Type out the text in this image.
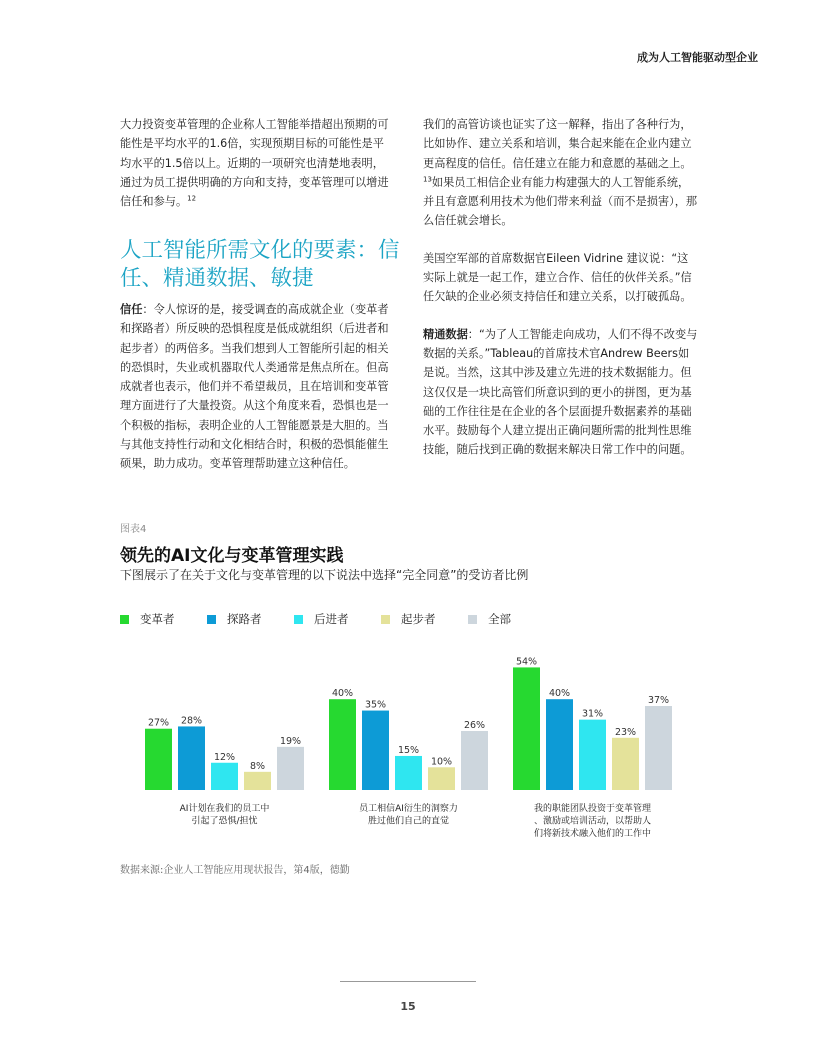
成为人工智能驱动型企业

大力投资变革管理的企业称人工智能举措超出预期的可能性是平均水平的1.6倍，实现预期目标的可能性是平均水平的1.5倍以上。近期的一项研究也清楚地表明，通过为员工提供明确的方向和支持，变革管理可以增进信任和参与。$^{12}$

人工智能所需文化的要素：信任、精通数据、敏捷

信任：令人惊讶的是，接受调查的高成就企业（变革者和探路者）所反映的恐惧程度是低成就组织（后进者和起步者）的两倍多。当我们想到人工智能所引起的相关的恐惧时，失业或机器取代人类通常是焦点所在。但高成就者也表示，他们并不希望裁员，且在培训和变革管理方面进行了大量投资。从这个角度来看，恐惧也是一个积极的指标，表明企业的人工智能愿景是大胆的。当与其他支持性行动和文化相结合时，积极的恐惧能催生硕果，助力成功。变革管理帮助建立这种信任。

我们的高管访谈也证实了这一解释，指出了各种行为，比如协作、建立关系和培训，集合起来能在企业内建立更高程度的信任。信任建立在能力和意愿的基础之上。$^{13}$如果员工相信企业有能力构建强大的人工智能系统，并且有意愿利用技术为他们带来利益（而不是损害），那么信任就会增长。

美国空军部的首席数据官Eileen Vidrine 建议说：“这实际上就是一起工作，建立合作、信任的伙伴关系。”信任欠缺的企业必须支持信任和建立关系，以打破孤岛。

精通数据：“为了人工智能走向成功，人们不得不改变与数据的关系。”Tableau的首席技术官Andrew Beers如是说。当然，这其中涉及建立先进的技术数据能力。但这仅仅是一块比高管们所意识到的更小的拼图，更为基础的工作往往是在企业的各个层面提升数据素养的基础水平。鼓励每个人建立提出正确问题所需的批判性思维技能，随后找到正确的数据来解决日常工作中的问题。

图表4
领先的AI文化与变革管理实践
下图展示了在关于文化与变革管理的以下说法中选择“完全同意”的受访者比例
变革者	探路者	后进者	起步者	全部
27% 28%
12%
8%
19%
AI计划在我们的员工中
引起了恐惧/担忧
40%
35%
15%
10%
26%
员工相信AI衍生的洞察力
胜过他们自己的直觉
54%
40%
31%
23%
37%
我的职能团队投资于变革管理
、激励或培训活动，以帮助人
们将新技术融入他们的工作中
数据来源:企业人工智能应用现状报告，第4版，德勤
15
